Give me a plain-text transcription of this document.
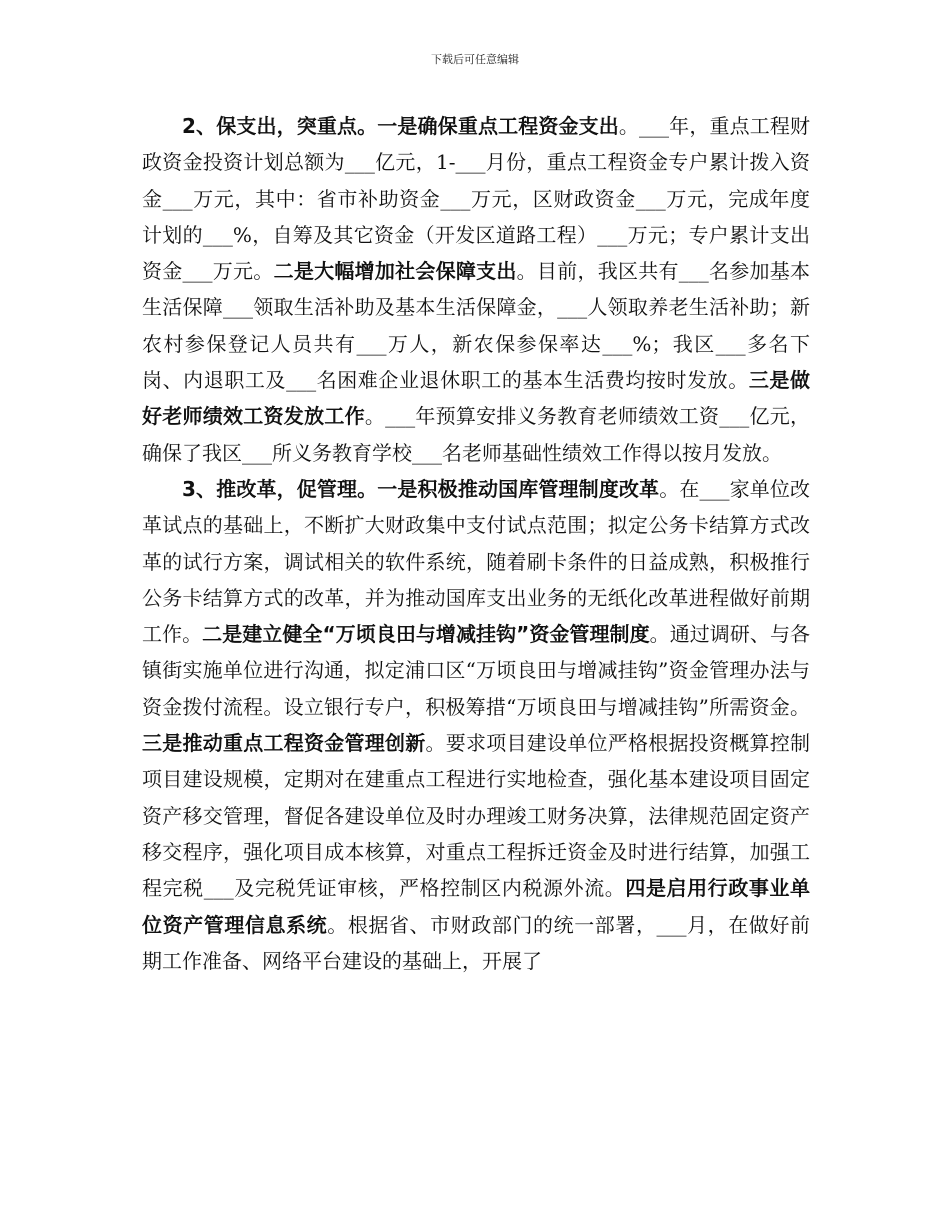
下载后可任意编辑

2、保支出，突重点。一是确保重点工程资金支出。___年，重点工程财政资金投资计划总额为___亿元，1-___月份，重点工程资金专户累计拨入资金___万元，其中：省市补助资金___万元，区财政资金___万元，完成年度计划的___%，自筹及其它资金（开发区道路工程）___万元；专户累计支出资金___万元。二是大幅增加社会保障支出。目前，我区共有___名参加基本生活保障___领取生活补助及基本生活保障金，___人领取养老生活补助；新农村参保登记人员共有___万人，新农保参保率达___%；我区___多名下岗、内退职工及___名困难企业退休职工的基本生活费均按时发放。三是做好老师绩效工资发放工作。___年预算安排义务教育老师绩效工资___亿元，确保了我区___所义务教育学校___名老师基础性绩效工作得以按月发放。

3、推改革，促管理。一是积极推动国库管理制度改革。在___家单位改革试点的基础上，不断扩大财政集中支付试点范围；拟定公务卡结算方式改革的试行方案，调试相关的软件系统，随着刷卡条件的日益成熟，积极推行公务卡结算方式的改革，并为推动国库支出业务的无纸化改革进程做好前期工作。二是建立健全“万顷良田与增减挂钩”资金管理制度。通过调研、与各镇街实施单位进行沟通，拟定浦口区“万顷良田与增减挂钩”资金管理办法与资金拨付流程。设立银行专户，积极筹措“万顷良田与增减挂钩”所需资金。三是推动重点工程资金管理创新。要求项目建设单位严格根据投资概算控制项目建设规模，定期对在建重点工程进行实地检查，强化基本建设项目固定资产移交管理，督促各建设单位及时办理竣工财务决算，法律规范固定资产移交程序，强化项目成本核算，对重点工程拆迁资金及时进行结算，加强工程完税___及完税凭证审核，严格控制区内税源外流。四是启用行政事业单位资产管理信息系统。根据省、市财政部门的统一部署，___月，在做好前期工作准备、网络平台建设的基础上，开展了
